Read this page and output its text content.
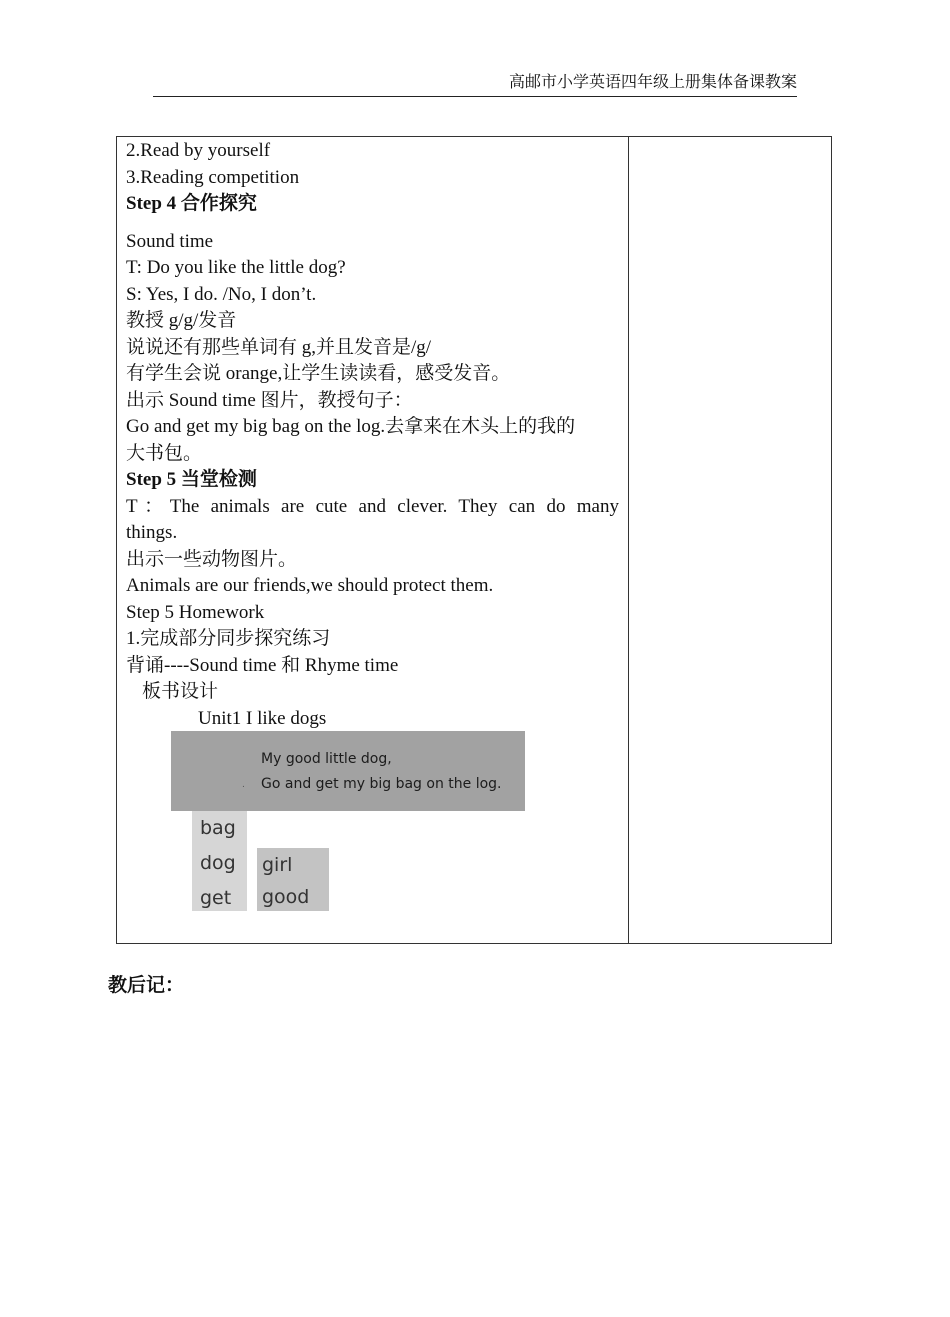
高邮市小学英语四年级上册集体备课教案
2.Read by yourself
3.Reading competition
Step 4 合作探究
Sound time
T: Do you like the little dog?
S: Yes, I do. /No, I don’t.
教授 g/g/发音
说说还有那些单词有 g,并且发音是/g/
有学生会说 orange,让学生读读看，感受发音。
出示 Sound time 图片，教授句子：
Go and get my big bag on the log.去拿来在木头上的我的
大书包。
Step 5 当堂检测
T：The animals are cute and clever. They can do many
things.
出示一些动物图片。
Animals are our friends,we should protect them.
Step 5 Homework
1.完成部分同步探究练习
背诵----Sound time 和 Rhyme time
板书设计
Unit1 I like dogs
.
My good little dog,
Go and get my big bag on the log.
bag
dog
get
girl
good
教后记：
